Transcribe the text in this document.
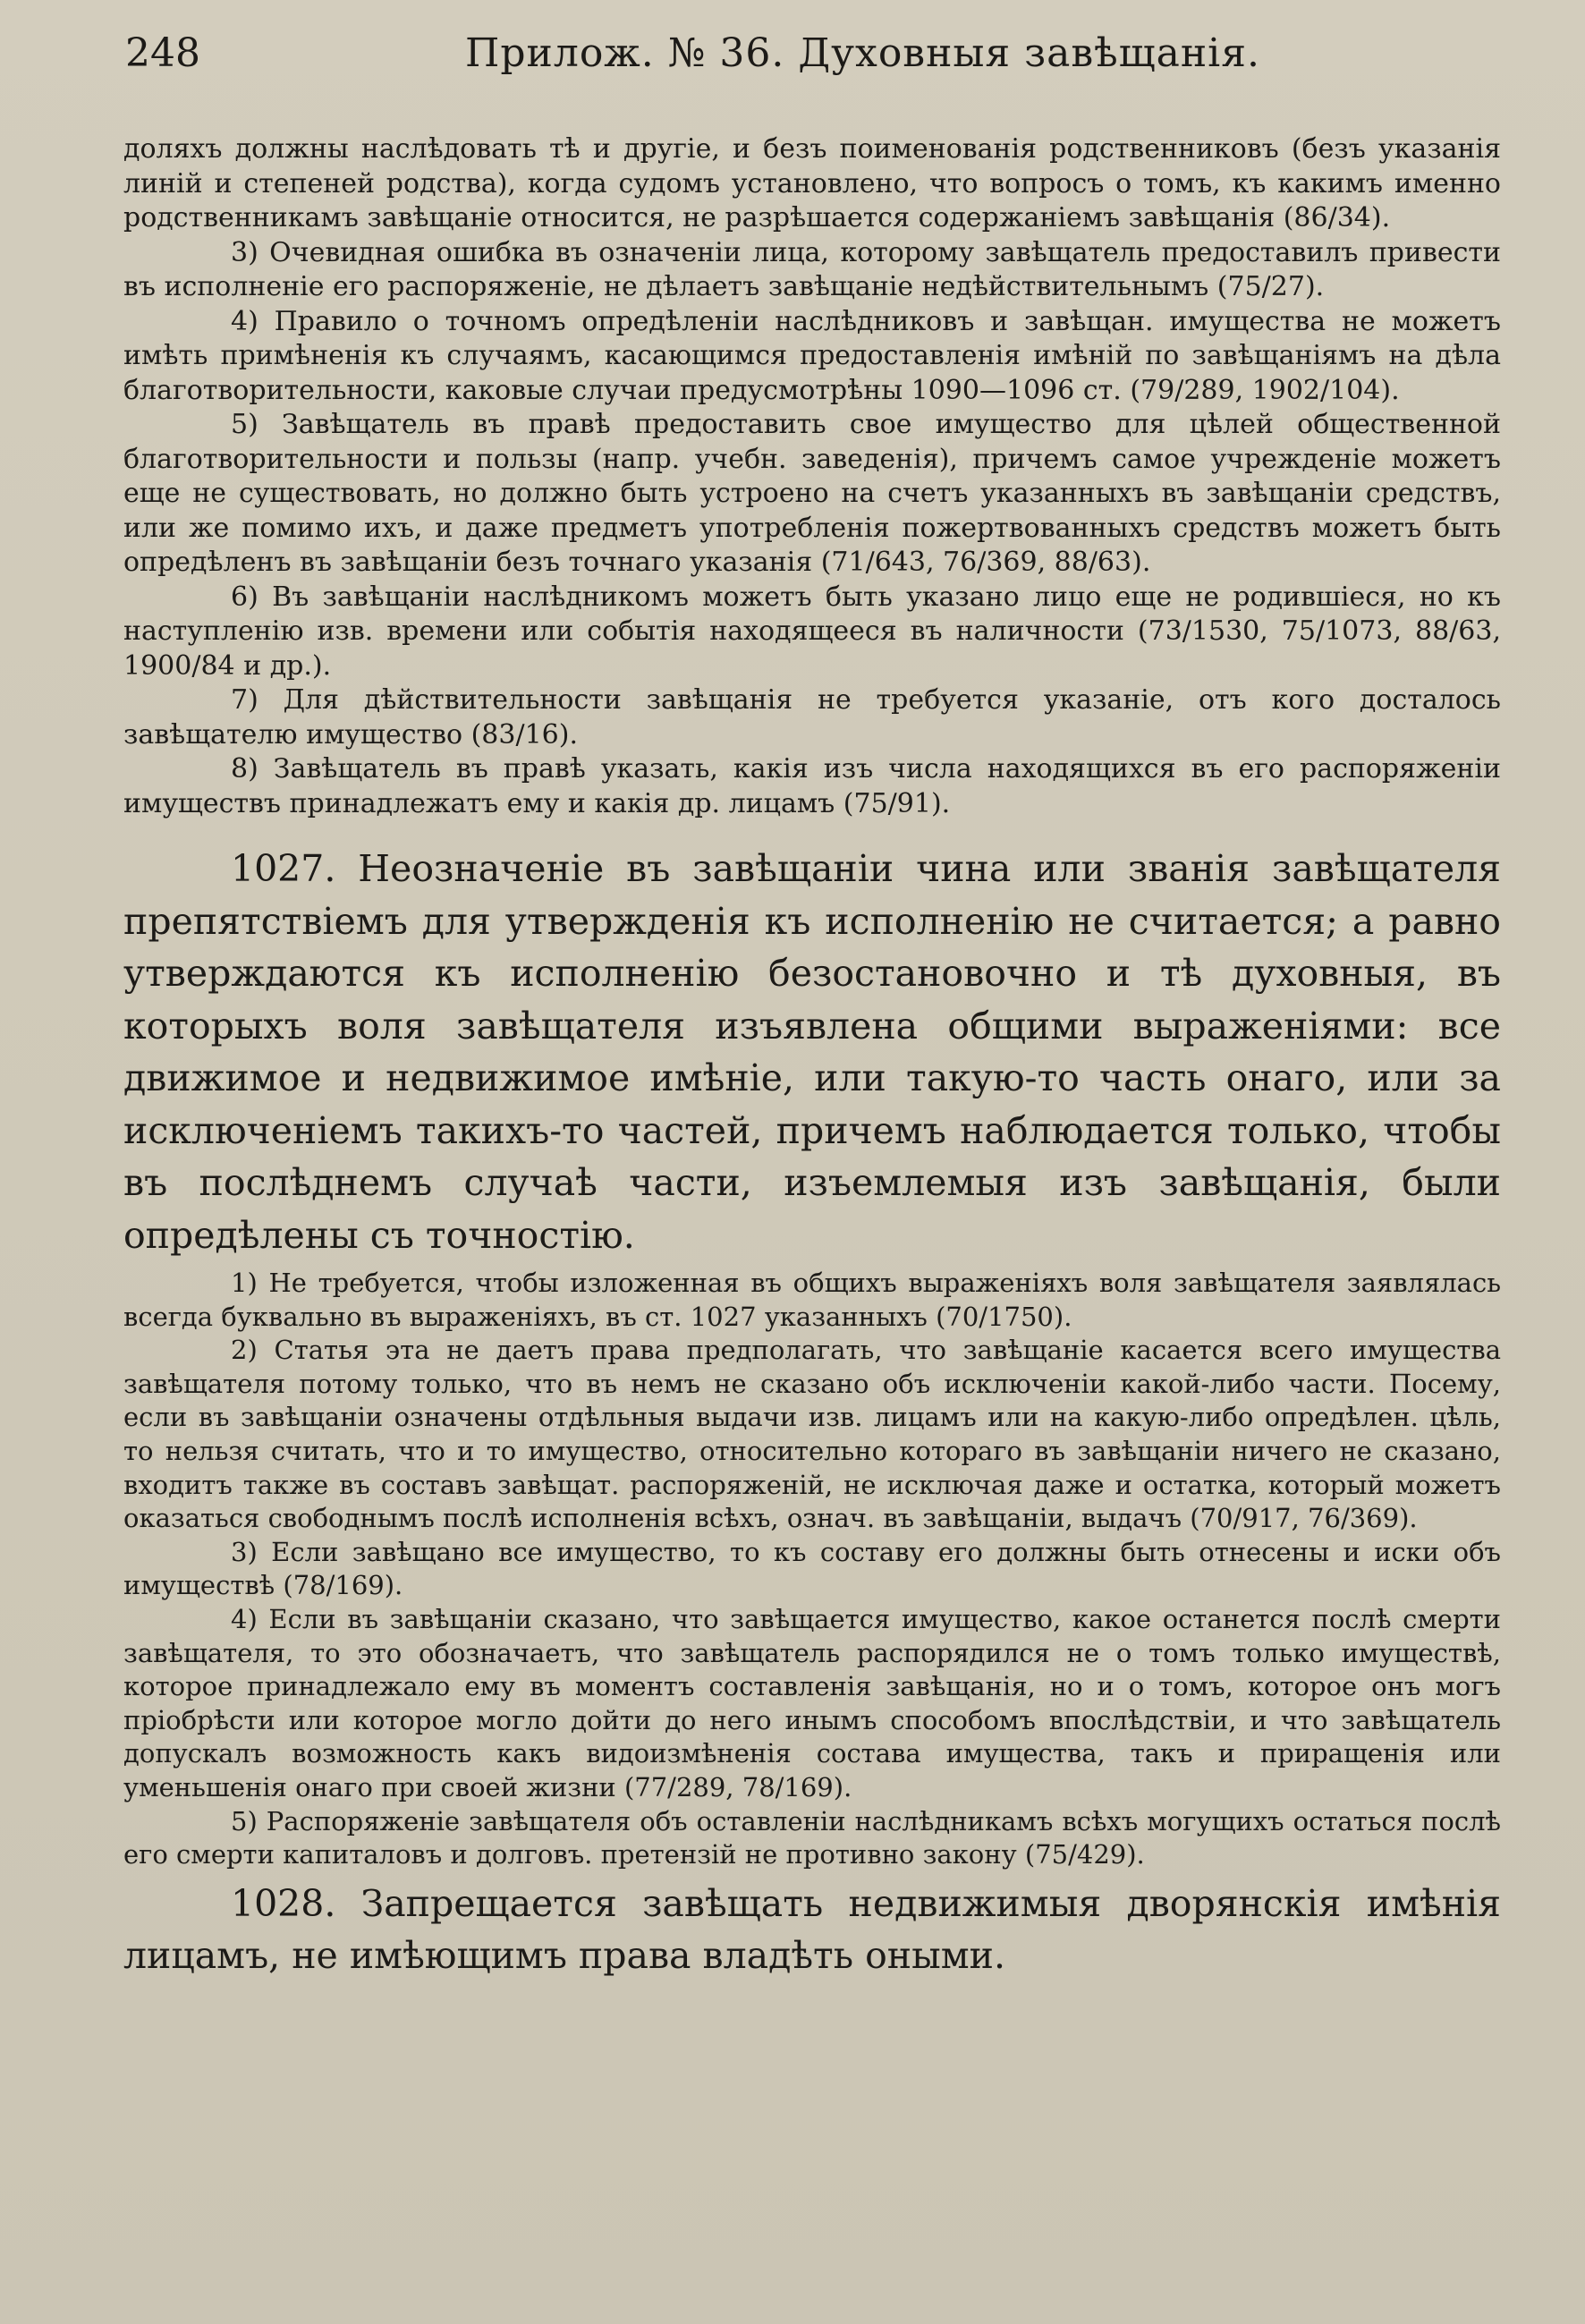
248	Прилож. № 36. Духовныя завѣщанія.

доляхъ должны наслѣдовать тѣ и другіе, и безъ поименованія родственниковъ (безъ указанія линій и степеней родства), когда судомъ установлено, что вопросъ о томъ, къ какимъ именно родственникамъ завѣщаніе относится, не разрѣшается содержаніемъ завѣщанія (86/34).

3) Очевидная ошибка въ означеніи лица, которому завѣщатель предоставилъ привести въ исполненіе его распоряженіе, не дѣлаетъ завѣщаніе недѣйствительнымъ (75/27).

4) Правило о точномъ опредѣленіи наслѣдниковъ и завѣщан. имущества не можетъ имѣть примѣненія къ случаямъ, касающимся предоставленія имѣній по завѣщаніямъ на дѣла благотворительности, каковые случаи предусмотрѣны 1090—1096 ст. (79/289, 1902/104).

5) Завѣщатель въ правѣ предоставить свое имущество для цѣлей общественной благотворительности и пользы (напр. учебн. заведенія), причемъ самое учрежденіе можетъ еще не существовать, но должно быть устроено на счетъ указанныхъ въ завѣщаніи средствъ, или же помимо ихъ, и даже предметъ употребленія пожертвованныхъ средствъ можетъ быть опредѣленъ въ завѣщаніи безъ точнаго указанія (71/643, 76/369, 88/63).

6) Въ завѣщаніи наслѣдникомъ можетъ быть указано лицо еще не родившіеся, но къ наступленію изв. времени или событія находящееся въ наличности (73/1530, 75/1073, 88/63, 1900/84 и др.).

7) Для дѣйствительности завѣщанія не требуется указаніе, отъ кого досталось завѣщателю имущество (83/16).

8) Завѣщатель въ правѣ указать, какія изъ числа находящихся въ его распоряженіи имуществъ принадлежатъ ему и какія др. лицамъ (75/91).

1027. Неозначеніе въ завѣщаніи чина или званія завѣщателя препятствіемъ для утвержденія къ исполненію не считается; а равно утверждаются къ исполненію безостановочно и тѣ духовныя, въ которыхъ воля завѣщателя изъявлена общими выраженіями: все движимое и недвижимое имѣніе, или такую-то часть онаго, или за исключеніемъ такихъ-то частей, причемъ наблюдается только, чтобы въ послѣднемъ случаѣ части, изъемлемыя изъ завѣщанія, были опредѣлены съ точностію.

1) Не требуется, чтобы изложенная въ общихъ выраженіяхъ воля завѣщателя заявлялась всегда буквально въ выраженіяхъ, въ ст. 1027 указанныхъ (70/1750).

2) Статья эта не даетъ права предполагать, что завѣщаніе касается всего имущества завѣщателя потому только, что въ немъ не сказано объ исключеніи какой-либо части. Посему, если въ завѣщаніи означены отдѣльныя выдачи изв. лицамъ или на какую-либо опредѣлен. цѣль, то нельзя считать, что и то имущество, относительно котораго въ завѣщаніи ничего не сказано, входитъ также въ составъ завѣщат. распоряженій, не исключая даже и остатка, который можетъ оказаться свободнымъ послѣ исполненія всѣхъ, означ. въ завѣщаніи, выдачъ (70/917, 76/369).

3) Если завѣщано все имущество, то къ составу его должны быть отнесены и иски объ имуществѣ (78/169).

4) Если въ завѣщаніи сказано, что завѣщается имущество, какое останется послѣ смерти завѣщателя, то это обозначаетъ, что завѣщатель распорядился не о томъ только имуществѣ, которое принадлежало ему въ моментъ составленія завѣщанія, но и о томъ, которое онъ могъ пріобрѣсти или которое могло дойти до него инымъ способомъ впослѣдствіи, и что завѣщатель допускалъ возможность какъ видоизмѣненія состава имущества, такъ и приращенія или уменьшенія онаго при своей жизни (77/289, 78/169).

5) Распоряженіе завѣщателя объ оставленіи наслѣдникамъ всѣхъ могущихъ остаться послѣ его смерти капиталовъ и долговъ. претензій не противно закону (75/429).

1028. Запрещается завѣщать недвижимыя дворянскія имѣнія лицамъ, не имѣющимъ права владѣть оными.
